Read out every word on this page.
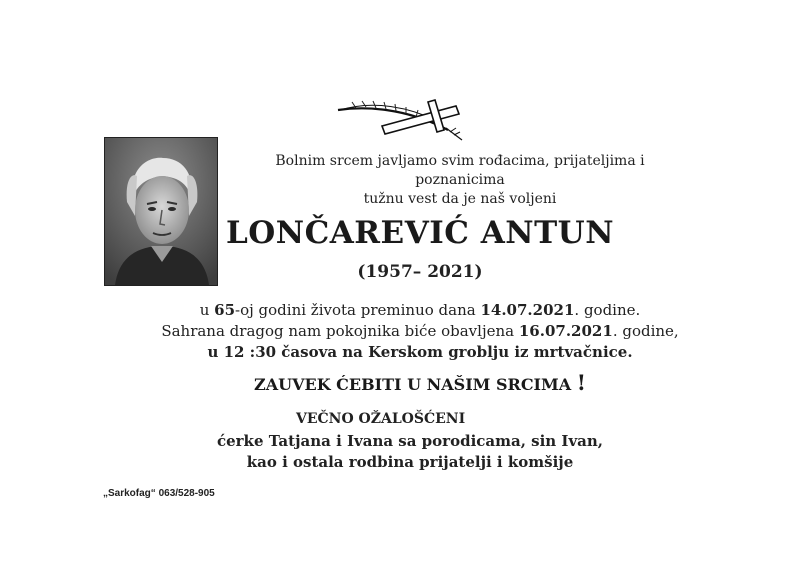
Bolnim srcem javljamo svim rođacima, prijateljima i poznanicima
tužnu vest da je naš voljeni
LONČAREVIĆ ANTUN
(1957– 2021)
u 65-oj godini života preminuo dana 14.07.2021. godine.
Sahrana dragog nam pokojnika biće obavljena 16.07.2021. godine,
u 12 :30 časova na Kerskom groblju iz mrtvačnice.
ZAUVEK ĆEBITI U NAŠIM SRCIMA !
VEČNO OŽALOŠĆENI
ćerke Tatjana i Ivana sa porodicama, sin Ivan,
kao i ostala rodbina prijatelji i komšije
„Sarkofag“ 063/528-905
